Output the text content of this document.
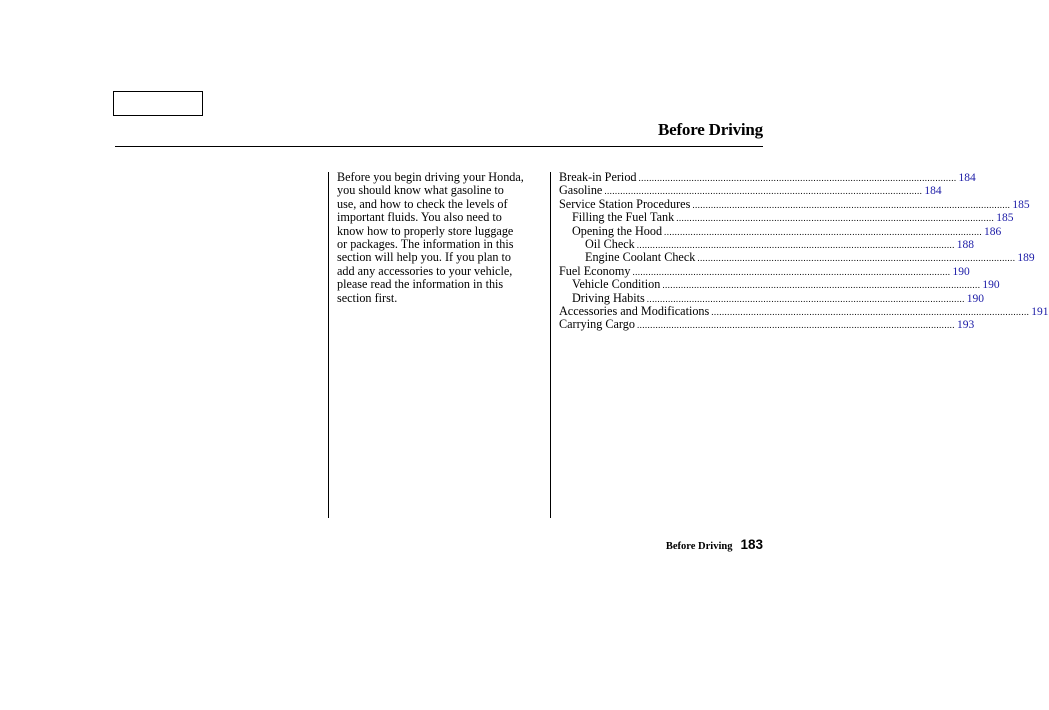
Before Driving
Before you begin driving your Honda,
you should know what gasoline to
use, and how to check the levels of
important fluids. You also need to
know how to properly store luggage
or packages. The information in this
section will help you. If you plan to
add any accessories to your vehicle,
please read the information in this
section first.
Break-in Period ........................................................................................................................ 184
Gasoline ........................................................................................................................ 184
Service Station Procedures ........................................................................................................................ 185
Filling the Fuel Tank ........................................................................................................................ 185
Opening the Hood ........................................................................................................................ 186
Oil Check ........................................................................................................................ 188
Engine Coolant Check ........................................................................................................................ 189
Fuel Economy ........................................................................................................................ 190
Vehicle Condition ........................................................................................................................ 190
Driving Habits ........................................................................................................................ 190
Accessories and Modifications ........................................................................................................................ 191
Carrying Cargo ........................................................................................................................ 193
Before Driving 183
